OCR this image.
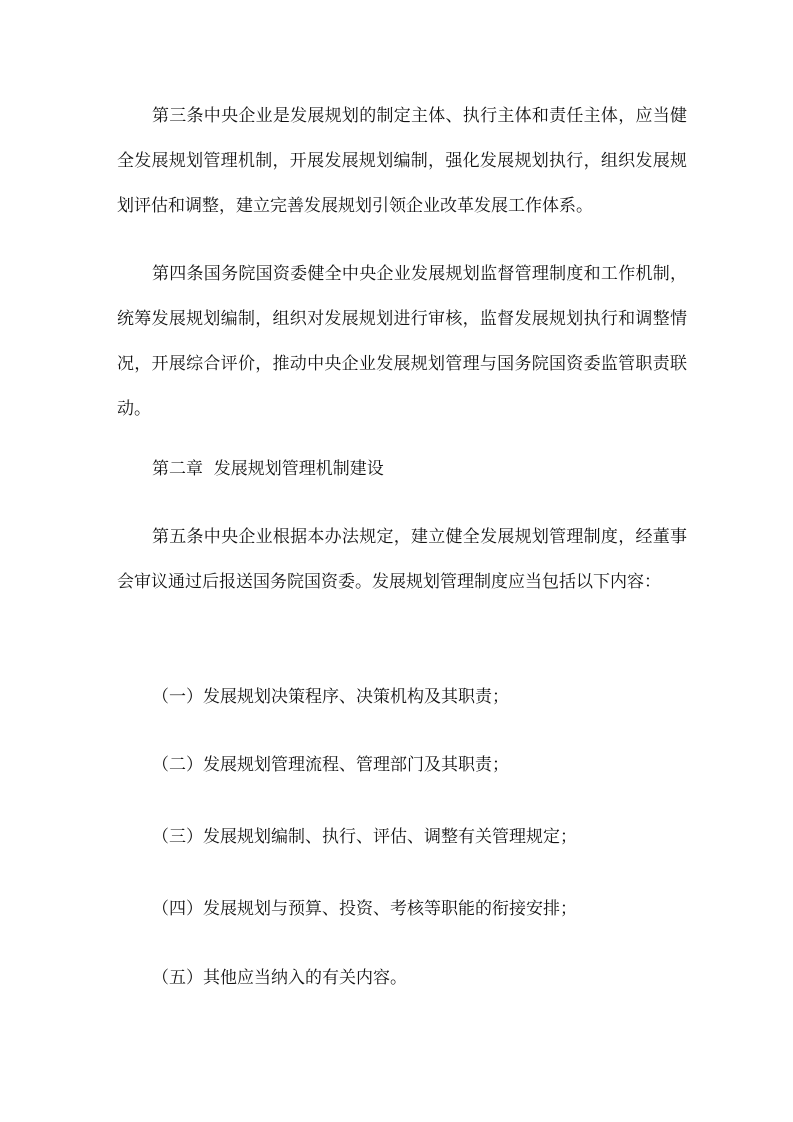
第三条中央企业是发展规划的制定主体、执行主体和责任主体，应当健全发展规划管理机制，开展发展规划编制，强化发展规划执行，组织发展规划评估和调整，建立完善发展规划引领企业改革发展工作体系。

第四条国务院国资委健全中央企业发展规划监督管理制度和工作机制，统筹发展规划编制，组织对发展规划进行审核，监督发展规划执行和调整情况，开展综合评价，推动中央企业发展规划管理与国务院国资委监管职责联动。

第二章  发展规划管理机制建设

第五条中央企业根据本办法规定，建立健全发展规划管理制度，经董事会审议通过后报送国务院国资委。发展规划管理制度应当包括以下内容：

（一）发展规划决策程序、决策机构及其职责；

（二）发展规划管理流程、管理部门及其职责；

（三）发展规划编制、执行、评估、调整有关管理规定；

（四）发展规划与预算、投资、考核等职能的衔接安排；

（五）其他应当纳入的有关内容。
